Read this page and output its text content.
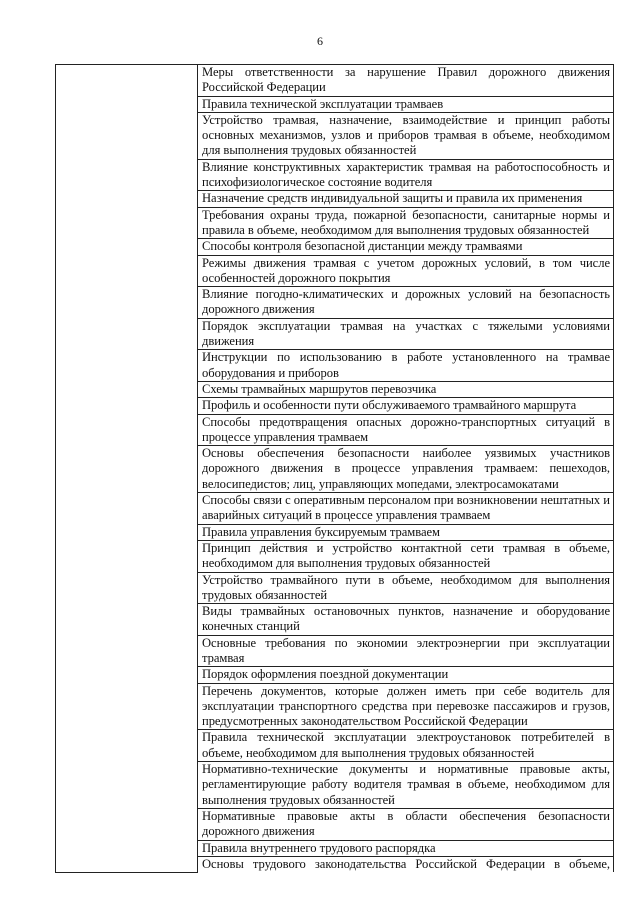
6
	Меры ответственности за нарушение Правил дорожного движения Российской Федерации
Правила технической эксплуатации трамваев
Устройство трамвая, назначение, взаимодействие и принцип работы основных механизмов, узлов и приборов трамвая в объеме, необходимом для выполнения трудовых обязанностей
Влияние конструктивных характеристик трамвая на работоспособность и психофизиологическое состояние водителя
Назначение средств индивидуальной защиты и правила их применения
Требования охраны труда, пожарной безопасности, санитарные нормы и правила в объеме, необходимом для выполнения трудовых обязанностей
Способы контроля безопасной дистанции между трамваями
Режимы движения трамвая с учетом дорожных условий, в том числе особенностей дорожного покрытия
Влияние погодно-климатических и дорожных условий на безопасность дорожного движения
Порядок эксплуатации трамвая на участках с тяжелыми условиями движения
Инструкции по использованию в работе установленного на трамвае оборудования и приборов
Схемы трамвайных маршрутов перевозчика
Профиль и особенности пути обслуживаемого трамвайного маршрута
Способы предотвращения опасных дорожно-транспортных ситуаций в процессе управления трамваем
Основы обеспечения безопасности наиболее уязвимых участников дорожного движения в процессе управления трамваем: пешеходов, велосипедистов; лиц, управляющих мопедами, электросамокатами
Способы связи с оперативным персоналом при возникновении нештатных и аварийных ситуаций в процессе управления трамваем
Правила управления буксируемым трамваем
Принцип действия и устройство контактной сети трамвая в объеме, необходимом для выполнения трудовых обязанностей
Устройство трамвайного пути в объеме, необходимом для выполнения трудовых обязанностей
Виды трамвайных остановочных пунктов, назначение и оборудование конечных станций
Основные требования по экономии электроэнергии при эксплуатации трамвая
Порядок оформления поездной документации
Перечень документов, которые должен иметь при себе водитель для эксплуатации транспортного средства при перевозке пассажиров и грузов, предусмотренных законодательством Российской Федерации
Правила технической эксплуатации электроустановок потребителей в объеме, необходимом для выполнения трудовых обязанностей
Нормативно-технические документы и нормативные правовые акты, регламентирующие работу водителя трамвая в объеме, необходимом для выполнения трудовых обязанностей
Нормативные правовые акты в области обеспечения безопасности дорожного движения
Правила внутреннего трудового распорядка
Основы трудового законодательства Российской Федерации в объеме,
